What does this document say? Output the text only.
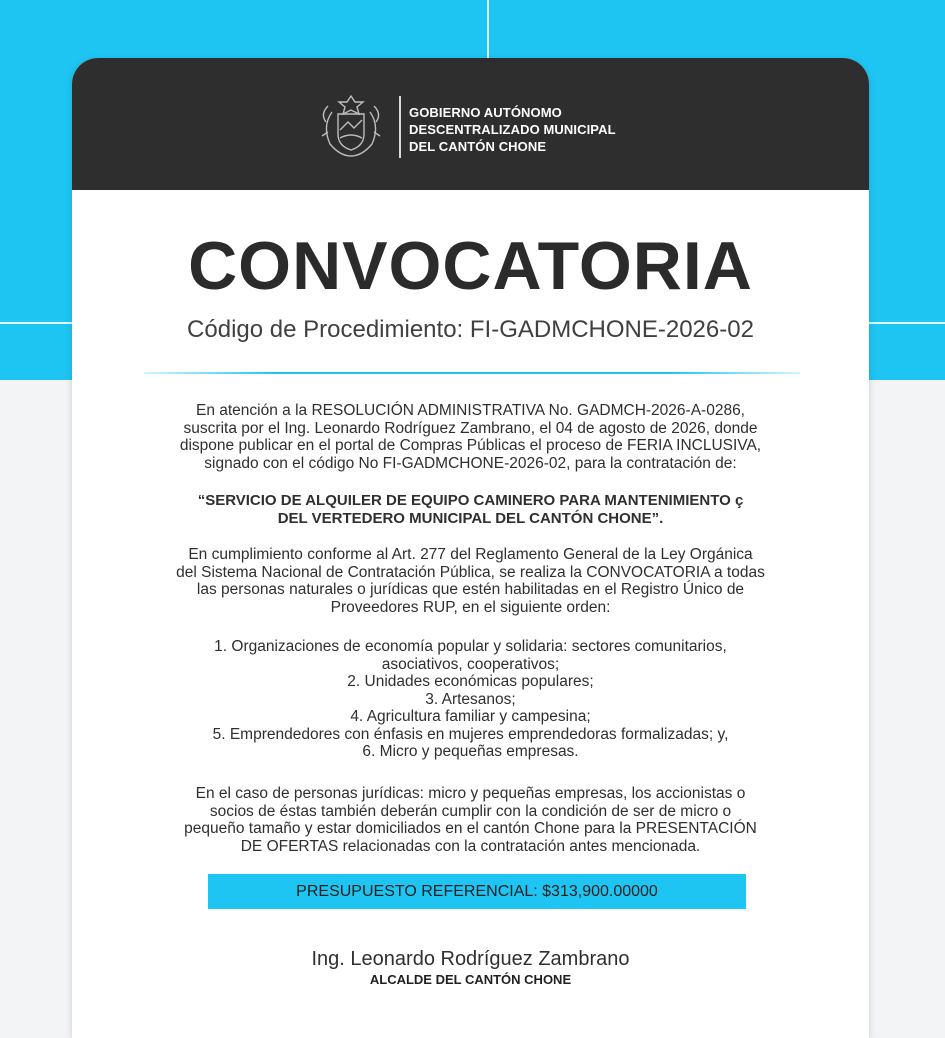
GOBIERNO AUTÓNOMO
DESCENTRALIZADO MUNICIPAL
DEL CANTÓN CHONE
CONVOCATORIA
Código de Procedimiento: FI-GADMCHONE-2026-02
En atención a la RESOLUCIÓN ADMINISTRATIVA No. GADMCH-2026-A-0286,
suscrita por el Ing. Leonardo Rodríguez Zambrano, el 04 de agosto de 2026, donde
dispone publicar en el portal de Compras Públicas el proceso de FERIA INCLUSIVA,
signado con el código No FI-GADMCHONE-2026-02, para la contratación de:
“SERVICIO DE ALQUILER DE EQUIPO CAMINERO PARA MANTENIMIENTO ç
DEL VERTEDERO MUNICIPAL DEL CANTÓN CHONE”.
En cumplimiento conforme al Art. 277 del Reglamento General de la Ley Orgánica
del Sistema Nacional de Contratación Pública, se realiza la CONVOCATORIA a todas
las personas naturales o jurídicas que estén habilitadas en el Registro Único de
Proveedores RUP, en el siguiente orden:
1. Organizaciones de economía popular y solidaria: sectores comunitarios,
asociativos, cooperativos;
2. Unidades económicas populares;
3. Artesanos;
4. Agricultura familiar y campesina;
5. Emprendedores con énfasis en mujeres emprendedoras formalizadas; y,
6. Micro y pequeñas empresas.
En el caso de personas jurídicas: micro y pequeñas empresas, los accionistas o
socios de éstas también deberán cumplir con la condición de ser de micro o
pequeño tamaño y estar domiciliados en el cantón Chone para la PRESENTACIÓN
DE OFERTAS relacionadas con la contratación antes mencionada.
PRESUPUESTO REFERENCIAL: $313,900.00000
Ing. Leonardo Rodríguez Zambrano
ALCALDE DEL CANTÓN CHONE
